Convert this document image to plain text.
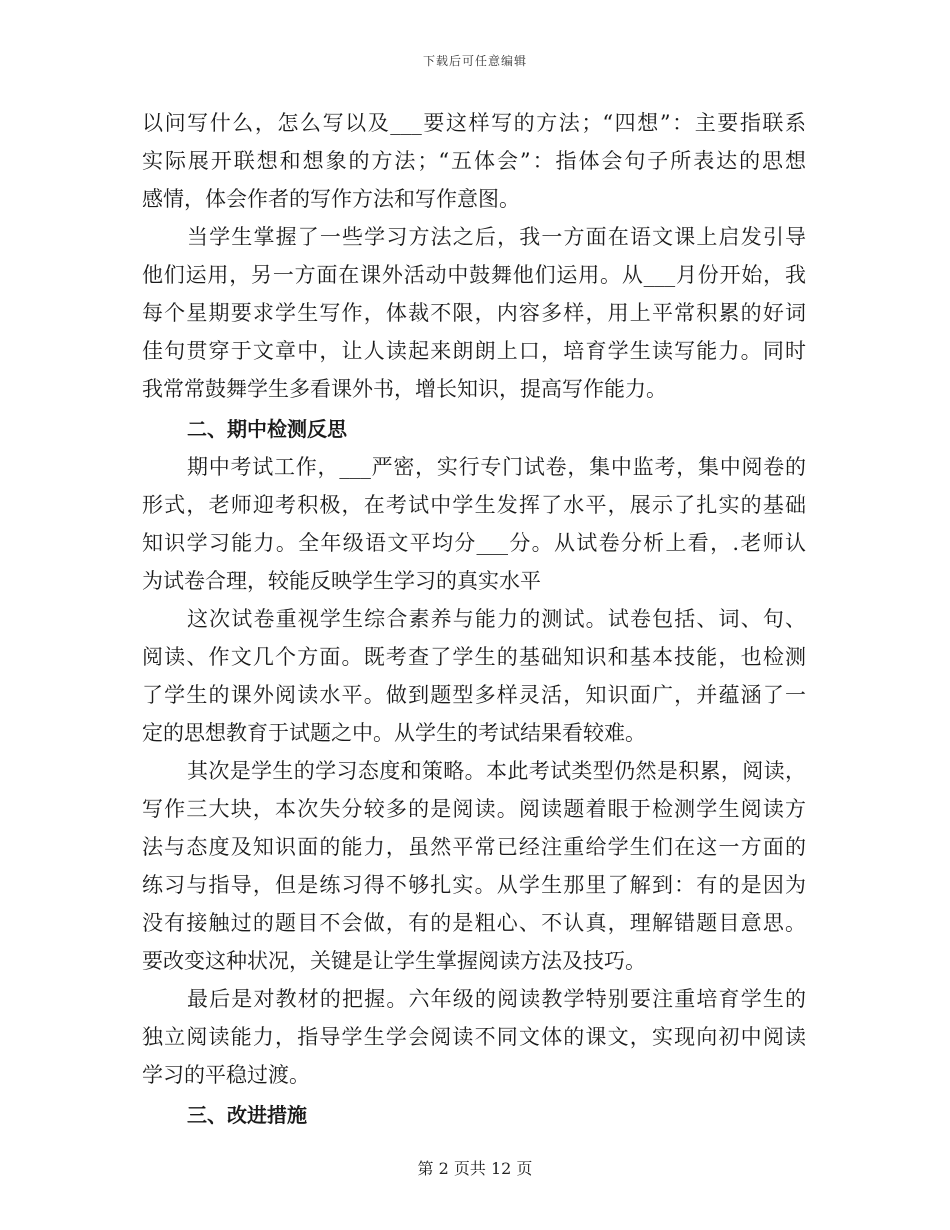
下载后可任意编辑
以问写什么，怎么写以及___要这样写的方法；“四想”：主要指联系
实际展开联想和想象的方法；“五体会”：指体会句子所表达的思想
感情，体会作者的写作方法和写作意图。
当学生掌握了一些学习方法之后，我一方面在语文课上启发引导
他们运用，另一方面在课外活动中鼓舞他们运用。从___月份开始，我
每个星期要求学生写作，体裁不限，内容多样，用上平常积累的好词
佳句贯穿于文章中，让人读起来朗朗上口，培育学生读写能力。同时
我常常鼓舞学生多看课外书，增长知识，提高写作能力。
二、期中检测反思
期中考试工作，___严密，实行专门试卷，集中监考，集中阅卷的
形式，老师迎考积极，在考试中学生发挥了水平，展示了扎实的基础
知识学习能力。全年级语文平均分___分。从试卷分析上看，.老师认
为试卷合理，较能反映学生学习的真实水平
这次试卷重视学生综合素养与能力的测试。试卷包括、词、句、
阅读、作文几个方面。既考查了学生的基础知识和基本技能，也检测
了学生的课外阅读水平。做到题型多样灵活，知识面广，并蕴涵了一
定的思想教育于试题之中。从学生的考试结果看较难。
其次是学生的学习态度和策略。本此考试类型仍然是积累，阅读，
写作三大块，本次失分较多的是阅读。阅读题着眼于检测学生阅读方
法与态度及知识面的能力，虽然平常已经注重给学生们在这一方面的
练习与指导，但是练习得不够扎实。从学生那里了解到：有的是因为
没有接触过的题目不会做，有的是粗心、不认真，理解错题目意思。
要改变这种状况，关键是让学生掌握阅读方法及技巧。
最后是对教材的把握。六年级的阅读教学特别要注重培育学生的
独立阅读能力，指导学生学会阅读不同文体的课文，实现向初中阅读
学习的平稳过渡。
三、改进措施
第 2 页共 12 页
